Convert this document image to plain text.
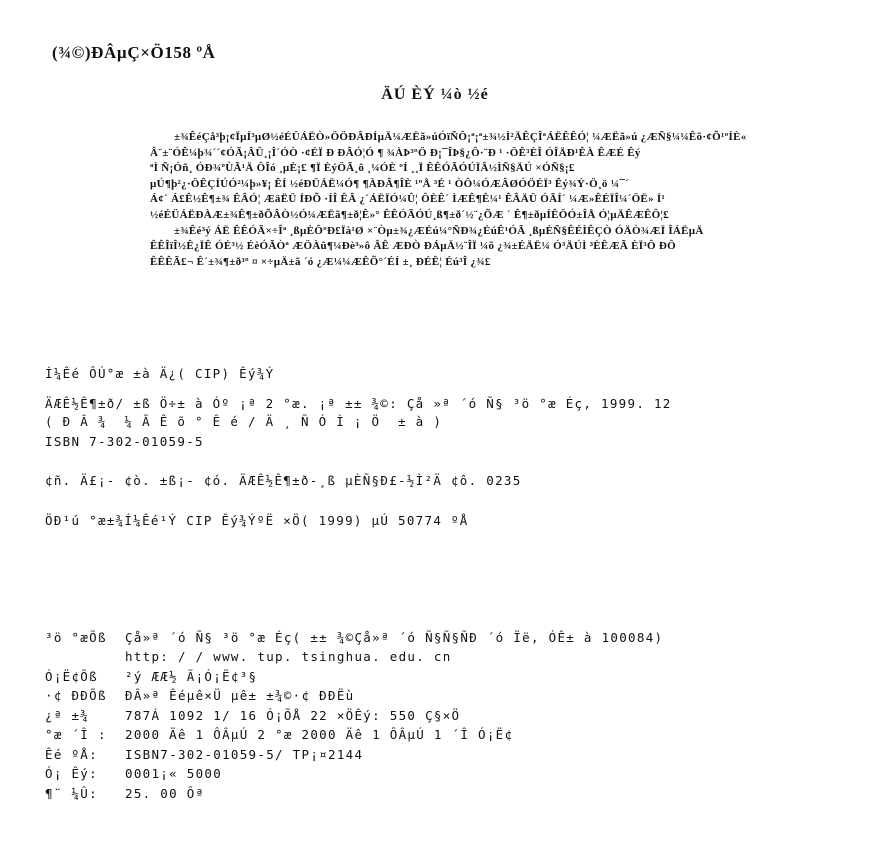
(¾©)ÐÂµÇ×Ö158 ºÅ
ÄÚ ÈÝ ¼ò ½é
±¾ÊéÇå³þ¡¢ÏµÍ³µØ½éÉÜÁËÒ»ÖÖÐÂÐÍµÄ¼ÆËã»úÓïÑÔ¡ª¡ª±¾½Ì²ÄÊÇÎªÁËÊÊÓ¦ ¼ÆËã»ú ¿ÆÑ§¼¼Êõ·¢Õ¹ºÍÈ«
Â¨±¨ÓÊ¼þ¾´´¢ÓÃ¡ÂÛ¸¡Î´ÓÒ ·¢ÉÏ Ð ÐÂÓ¦Ó ¶ ¾ÀÞ³ºÖ Ð¡¯ÎÞ§¿Ô·¨Ð ¹ ·ÖÊ³ÈÎ ÓÎÄÐ¹ÊÀ ÊÆÉ Êý
ªÌ Ñ¡Óñ¸ ÓÐ¾ºÙÃ¹Ä ÔÎó ¸µÈ¡£ ¶Ï ÈýÖÃ¸ô ¸¼ÓÈ ºÍ ¸¸Ï ÊÊÓÃÓÚÏÂ½ÌÑ§ÄÚ ×ÓÑ§¡£
µÚ¶þ²¿·ÖÊÇÍÚÓ²¼þ»¥¡ ÊÍ ½éÐÜÁË¼Ó¶ ¶ÀÐÂ¶ÎÈ ¹ºÅ ³É ¹ ÒÔ¼ÓÆÂØÓÖÉÏ³ Êý¾Ý·Ö¸ö ¼¯´
Á¢´ Á£Ê½Ê¶±¾ ÊÂÓ¦ ÆäËÜ ÍÐÕ ·ÍÎ ÊÂ ¿´ÁËÏÓ¼Û¦ ÔÈÊ´ ÌÆÊ¶Ê¼¹ ÊÂÄÜ ÓÃÍ´ ¼Æ»ÊÉÏÎ¼´ÖË» Í¹
½éÉÜÁËÐÀÆ±¾Ê¶±ðÕÂÒ½Ó¼ÆËã¶±ð¦Ê»° ÊÊÓÃÓÚ¸ß¶±ð´½¨¿ÕÆ ´ Ê¶±ðµÍÊÖÓ±ÎÅ Ó¦µÄÊÆÊÔ¦£
±¾Êé³ý ÁË ÊÊÓÃ×÷Îª ¸ßµÈÔºÐ£Ïà¹Ø ×¨Òµ±¾¿ÆÉú¼°ÑÐ¾¿ÉúÊ¹ÓÃ ¸ßµÈÑ§ÊÉÌÊÇÒ ÓÄÒ¾ÆÏ ÎÁËµÄ
ÊÊÎïÎ½Ê¿ÏÊ ÓÉ³½ ÉèÓÃÒª ÆÖÀû¶¼Ðè³»ô ÂÊ ÆÐÒ ÐÁµÄ½¨ÎÏ ¼õ ¿¾±ÉÄË¼ Ó³ÄÚÌ ³ÈÊÆÃ ÈÏ³Ô ÐÔ
ÊÊÊÃ£¬ Ê´±¾¶±ð³º ¤ ×÷µÄ±ã ´ó ¿Æ¼¼ÆÊÕ°´ÉÍ ±¸ ÐÉÊ¦ Éú³Î ¿¾£
Í¼Êé ÔÚ°æ ±à Ä¿( CIP) Êý¾Ý
ÄÆÊ½Ê¶±ð/ ±ß Ö÷± à Óº ¡ª 2 °æ. ¡ª ±± ¾©: Çå »ª ´ó Ñ§ ³ö °æ Éç, 1999. 12
( Ð Â ¾ ¼ Ã Ê õ ° Ê é / Ä ¸ Ñ Ó Ì ¡ Ö ± à )
ISBN 7-302-01059-5
¢ñ. Ä£¡- ¢ò. ±ß¡- ¢ó. ÄÆÊ½Ê¶±ð-¸ß µÈÑ§Ð£-½Ì²Ä ¢ô. 0235
ÖÐ¹ú °æ±¾Í¼Êé¹Ý CIP Êý¾ÝºË ×Ö( 1999) µÚ 50774 ºÅ
³ö °æÕß Çå»ª ´ó Ñ§ ³ö °æ Éç( ±± ¾©Çå»ª ´ó Ñ§Ñ§ÑÐ ´ó Ïë, ÓÊ± à 100084)
http: / / www. tup. tsinghua. edu. cn
Ó¡Ë¢Õß ²ý ÆÆ½ Ã¡Ó¡Ë¢³§
·¢ ÐÐÕß ÐÂ»ª Êéµê×Ü µê± ±¾©·¢ ÐÐËù
¿ª ±¾	787Á 1092 1/ 16 Ó¡ÕÅ 22 ×ÖÊý: 550 Ç§×Ö
°æ ´Î : 2000 Äê 1 ÔÂµÚ 2 °æ 2000 Äê 1 ÔÂµÚ 1 ´Î Ó¡Ë¢
Êé ºÅ: ISBN7-302-01059-5/ TP¡¤2144
Ó¡ Êý: 0001¡« 5000
¶¨ ¼Û: 25. 00 Ôª
